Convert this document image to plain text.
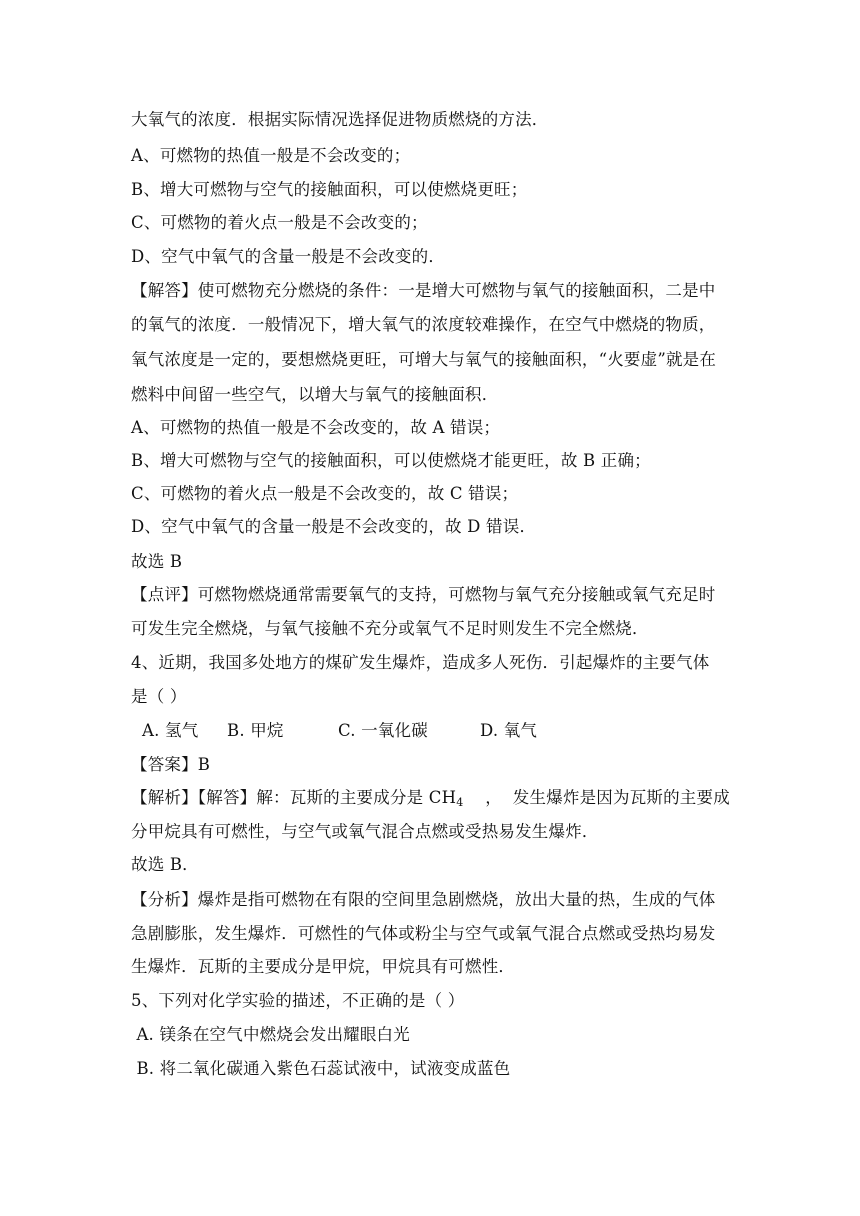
大氧气的浓度．根据实际情况选择促进物质燃烧的方法．
A、可燃物的热值一般是不会改变的；
B、增大可燃物与空气的接触面积，可以使燃烧更旺；
C、可燃物的着火点一般是不会改变的；
D、空气中氧气的含量一般是不会改变的．
【解答】使可燃物充分燃烧的条件：一是增大可燃物与氧气的接触面积，二是中
的氧气的浓度．一般情况下，增大氧气的浓度较难操作，在空气中燃烧的物质，
氧气浓度是一定的，要想燃烧更旺，可增大与氧气的接触面积，“火要虚”就是在
燃料中间留一些空气，以增大与氧气的接触面积．
A、可燃物的热值一般是不会改变的，故 A 错误；
B、增大可燃物与空气的接触面积，可以使燃烧才能更旺，故 B 正确；
C、可燃物的着火点一般是不会改变的，故 C 错误；
D、空气中氧气的含量一般是不会改变的，故 D 错误．
故选 B
【点评】可燃物燃烧通常需要氧气的支持，可燃物与氧气充分接触或氧气充足时
可发生完全燃烧，与氧气接触不充分或氧气不足时则发生不完全燃烧．
4、近期，我国多处地方的煤矿发生爆炸，造成多人死伤．引起爆炸的主要气体
是（ ）
A. 氢气 B. 甲烷	C. 一氧化碳	D. 氧气
【答案】B
【解析】【解答】解：瓦斯的主要成分是 $CH_4$    ，  发生爆炸是因为瓦斯的主要成
分甲烷具有可燃性，与空气或氧气混合点燃或受热易发生爆炸．
故选 B．
【分析】爆炸是指可燃物在有限的空间里急剧燃烧，放出大量的热，生成的气体
急剧膨胀，发生爆炸．可燃性的气体或粉尘与空气或氧气混合点燃或受热均易发
生爆炸．瓦斯的主要成分是甲烷，甲烷具有可燃性．
5、下列对化学实验的描述，不正确的是（ ）
A. 镁条在空气中燃烧会发出耀眼白光
B. 将二氧化碳通入紫色石蕊试液中，试液变成蓝色
